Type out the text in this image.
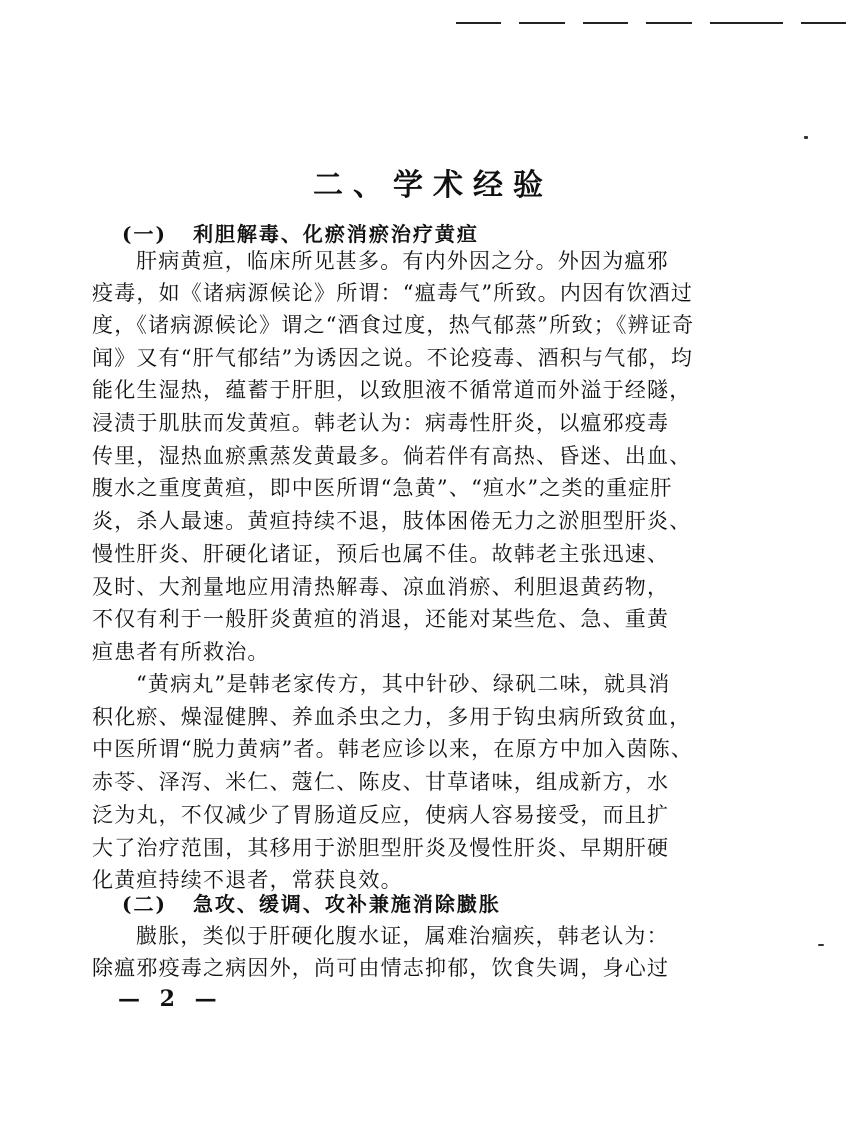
二、学术经验
(一) 利胆解毒、化瘀消瘀治疗黄疸
肝病黄疸，临床所见甚多。有内外因之分。外因为瘟邪
疫毒，如《诸病源候论》所谓：“瘟毒气”所致。内因有饮酒过
度，《诸病源候论》谓之“酒食过度，热气郁蒸”所致；《辨证奇
闻》又有“肝气郁结”为诱因之说。不论疫毒、酒积与气郁，均
能化生湿热，蕴蓄于肝胆，以致胆液不循常道而外溢于经隧，
浸渍于肌肤而发黄疸。韩老认为：病毒性肝炎，以瘟邪疫毒
传里，湿热血瘀熏蒸发黄最多。倘若伴有高热、昏迷、出血、
腹水之重度黄疸，即中医所谓“急黄”、“疸水”之类的重症肝
炎，杀人最速。黄疸持续不退，肢体困倦无力之淤胆型肝炎、
慢性肝炎、肝硬化诸证，预后也属不佳。故韩老主张迅速、
及时、大剂量地应用清热解毒、凉血消瘀、利胆退黄药物，
不仅有利于一般肝炎黄疸的消退，还能对某些危、急、重黄
疸患者有所救治。
“黄病丸”是韩老家传方，其中针砂、绿矾二味，就具消
积化瘀、燥湿健脾、养血杀虫之力，多用于钩虫病所致贫血，
中医所谓“脱力黄病”者。韩老应诊以来，在原方中加入茵陈、
赤苓、泽泻、米仁、蔻仁、陈皮、甘草诸味，组成新方，水
泛为丸，不仅减少了胃肠道反应，使病人容易接受，而且扩
大了治疗范围，其移用于淤胆型肝炎及慢性肝炎、早期肝硬
化黄疸持续不退者，常获良效。
(二) 急攻、缓调、攻补兼施消除臌胀
臌胀，类似于肝硬化腹水证，属难治痼疾，韩老认为：
除瘟邪疫毒之病因外，尚可由情志抑郁，饮食失调，身心过
— 2 —
